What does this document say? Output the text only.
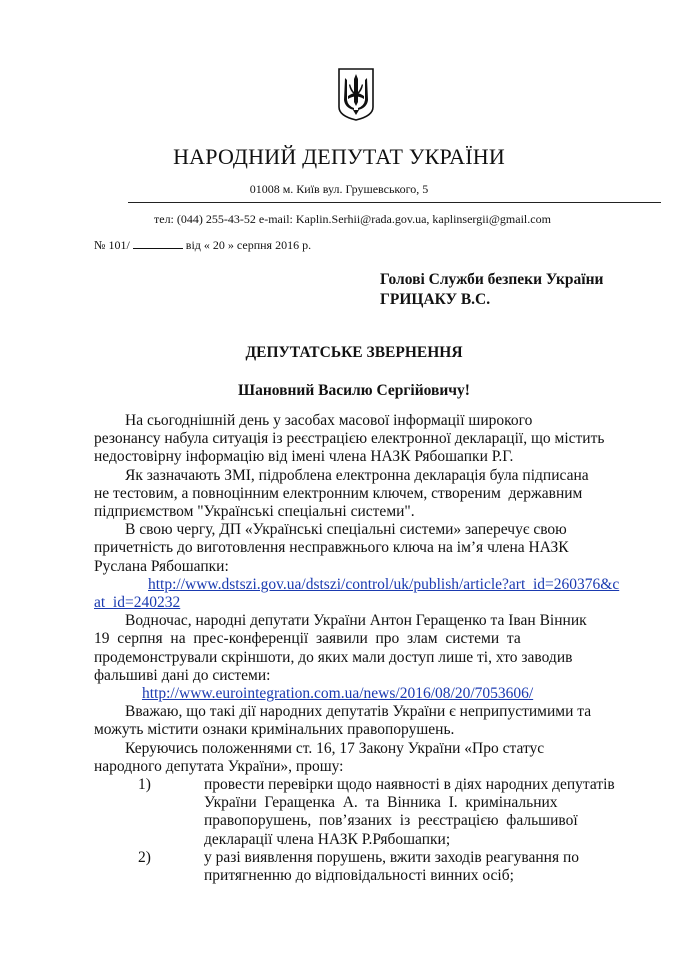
НАРОДНИЙ ДЕПУТАТ УКРАЇНИ
01008 м. Київ вул. Грушевського, 5
тел: (044) 255-43-52 e-mail: Kaplin.Serhii@rada.gov.ua, kaplinsergii@gmail.com
№ 101/	від « 20 » серпня 2016 р.
Голові Служби безпеки України
ГРИЦАКУ В.С.
ДЕПУТАТСЬКЕ ЗВЕРНЕННЯ
Шановний Василю Сергійовичу!
На сьогоднішній день у засобах масової інформації широкого
резонансу набула ситуація із реєстрацією електронної декларації, що містить
недостовірну інформацію від імені члена НАЗК Рябошапки Р.Г.
Як зазначають ЗМІ, підроблена електронна декларація була підписана
не тестовим, а повноцінним електронним ключем, створеним  державним
підприємством "Українські спеціальні системи".
В свою чергу, ДП «Українські спеціальні системи» заперечує свою
причетність до виготовлення несправжнього ключа на ім’я члена НАЗК
Руслана Рябошапки:
http://www.dstszi.gov.ua/dstszi/control/uk/publish/article?art_id=260376&c
at_id=240232
Водночас, народні депутати України Антон Геращенко та Іван Вінник
19  серпня  на  прес-конференції  заявили  про  злам  системи  та
продемонстрували скріншоти, до яких мали доступ лише ті, хто заводив
фальшиві дані до системи:
http://www.eurointegration.com.ua/news/2016/08/20/7053606/
Вважаю, що такі дії народних депутатів України є неприпустимими та
можуть містити ознаки кримінальних правопорушень.
Керуючись положеннями ст. 16, 17 Закону України «Про статус
народного депутата України», прошу:
1)	провести перевірки щодо наявності в діях народних депутатів
України  Геращенка  А.  та  Вінника  І.  кримінальних
правопорушень,  пов’язаних  із  реєстрацією  фальшивої
декларації члена НАЗК Р.Рябошапки;
2)	у разі виявлення порушень, вжити заходів реагування по
притягненню до відповідальності винних осіб;
